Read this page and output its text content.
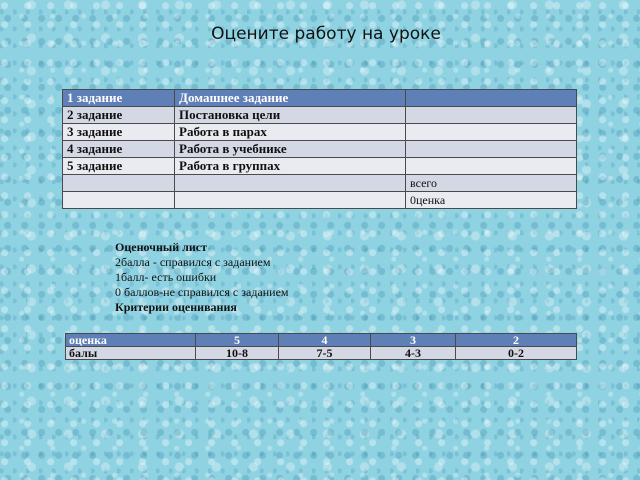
Оцените работу на уроке
1 задание	Домашнее задание	
2 задание	Постановка цели	
3 задание	Работа в парах	
4 задание	Работа в учебнике	
5 задание	Работа в группах	
		всего
		0ценка
Оценочный лист
2балла - справился с заданием
1балл- есть ошибки
0 баллов-не справился с заданием
Критерии оценивания
оценка	5	4	3	2
балы	10-8	7-5	4-3	0-2
